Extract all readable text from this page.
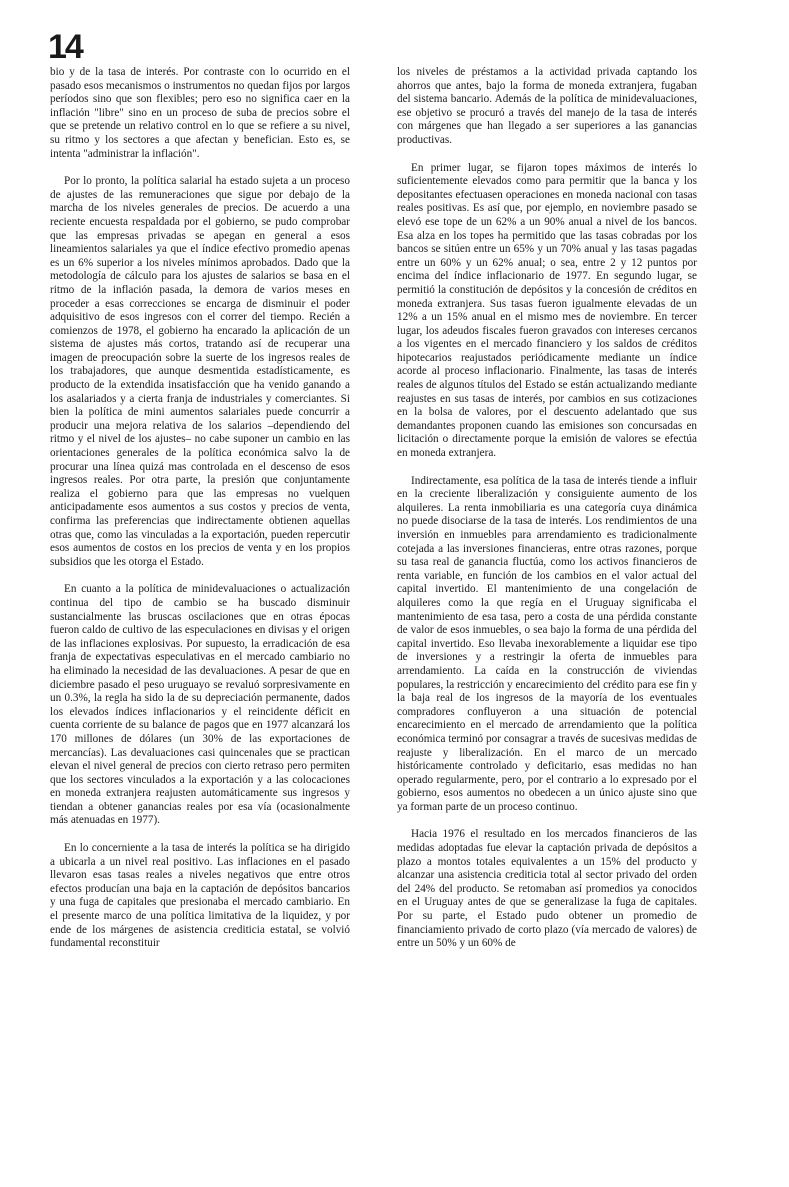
14

bio y de la tasa de interés. Por contraste con lo ocurrido en el pasado esos mecanismos o instrumentos no quedan fijos por largos períodos sino que son flexibles; pero eso no significa caer en la inflación "libre" sino en un proceso de suba de precios sobre el que se pretende un relativo control en lo que se refiere a su nivel, su ritmo y los sectores a que afectan y benefician. Esto es, se intenta "administrar la inflación".

Por lo pronto, la política salarial ha estado sujeta a un proceso de ajustes de las remuneraciones que sigue por debajo de la marcha de los niveles generales de precios. De acuerdo a una reciente encuesta respaldada por el gobierno, se pudo comprobar que las empresas privadas se apegan en general a esos lineamientos salariales ya que el índice efectivo promedio apenas es un 6% superior a los niveles mínimos aprobados. Dado que la metodología de cálculo para los ajustes de salarios se basa en el ritmo de la inflación pasada, la demora de varios meses en proceder a esas correcciones se encarga de disminuir el poder adquisitivo de esos ingresos con el correr del tiempo. Recién a comienzos de 1978, el gobierno ha encarado la aplicación de un sistema de ajustes más cortos, tratando así de recuperar una imagen de preocupación sobre la suerte de los ingresos reales de los trabajadores, que aunque desmentida estadísticamente, es producto de la extendida insatisfacción que ha venido ganando a los asalariados y a cierta franja de industriales y comerciantes. Si bien la política de mini aumentos salariales puede concurrir a producir una mejora relativa de los salarios –dependiendo del ritmo y el nivel de los ajustes– no cabe suponer un cambio en las orientaciones generales de la política económica salvo la de procurar una línea quizá mas controlada en el descenso de esos ingresos reales. Por otra parte, la presión que conjuntamente realiza el gobierno para que las empresas no vuelquen anticipadamente esos aumentos a sus costos y precios de venta, confirma las preferencias que indirectamente obtienen aquellas otras que, como las vinculadas a la exportación, pueden repercutir esos aumentos de costos en los precios de venta y en los propios subsidios que les otorga el Estado.

En cuanto a la política de minidevaluaciones o actualización continua del tipo de cambio se ha buscado disminuir sustancialmente las bruscas oscilaciones que en otras épocas fueron caldo de cultivo de las especulaciones en divisas y el origen de las inflaciones explosivas. Por supuesto, la erradicación de esa franja de expectativas especulativas en el mercado cambiario no ha eliminado la necesidad de las devaluaciones. A pesar de que en diciembre pasado el peso uruguayo se revaluó sorpresivamente en un 0.3%, la regla ha sido la de su depreciación permanente, dados los elevados índices inflacionarios y el reincidente déficit en cuenta corriente de su balance de pagos que en 1977 alcanzará los 170 millones de dólares (un 30% de las exportaciones de mercancías). Las devaluaciones casi quincenales que se practican elevan el nivel general de precios con cierto retraso pero permiten que los sectores vinculados a la exportación y a las colocaciones en moneda extranjera reajusten automáticamente sus ingresos y tiendan a obtener ganancias reales por esa vía (ocasionalmente más atenuadas en 1977).

En lo concerniente a la tasa de interés la política se ha dirigido a ubicarla a un nivel real positivo. Las inflaciones en el pasado llevaron esas tasas reales a niveles negativos que entre otros efectos producían una baja en la captación de depósitos bancarios y una fuga de capitales que presionaba el mercado cambiario. En el presente marco de una política limitativa de la liquidez, y por ende de los márgenes de asistencia crediticia estatal, se volvió fundamental reconstituir

los niveles de préstamos a la actividad privada captando los ahorros que antes, bajo la forma de moneda extranjera, fugaban del sistema bancario. Además de la política de minidevaluaciones, ese objetivo se procuró a través del manejo de la tasa de interés con márgenes que han llegado a ser superiores a las ganancias productivas.

En primer lugar, se fijaron topes máximos de interés lo suficientemente elevados como para permitir que la banca y los depositantes efectuasen operaciones en moneda nacional con tasas reales positivas. Es así que, por ejemplo, en noviembre pasado se elevó ese tope de un 62% a un 90% anual a nivel de los bancos. Esa alza en los topes ha permitido que las tasas cobradas por los bancos se sitúen entre un 65% y un 70% anual y las tasas pagadas entre un 60% y un 62% anual; o sea, entre 2 y 12 puntos por encima del índice inflacionario de 1977. En segundo lugar, se permitió la constitución de depósitos y la concesión de créditos en moneda extranjera. Sus tasas fueron igualmente elevadas de un 12% a un 15% anual en el mismo mes de noviembre. En tercer lugar, los adeudos fiscales fueron gravados con intereses cercanos a los vigentes en el mercado financiero y los saldos de créditos hipotecarios reajustados periódicamente mediante un índice acorde al proceso inflacionario. Finalmente, las tasas de interés reales de algunos títulos del Estado se están actualizando mediante reajustes en sus tasas de interés, por cambios en sus cotizaciones en la bolsa de valores, por el descuento adelantado que sus demandantes proponen cuando las emisiones son concursadas en licitación o directamente porque la emisión de valores se efectúa en moneda extranjera.

Indirectamente, esa política de la tasa de interés tiende a influir en la creciente liberalización y consiguiente aumento de los alquileres. La renta inmobiliaria es una categoría cuya dinámica no puede disociarse de la tasa de interés. Los rendimientos de una inversión en inmuebles para arrendamiento es tradicionalmente cotejada a las inversiones financieras, entre otras razones, porque su tasa real de ganancia fluctúa, como los activos financieros de renta variable, en función de los cambios en el valor actual del capital invertido. El mantenimiento de una congelación de alquileres como la que regía en el Uruguay significaba el mantenimiento de esa tasa, pero a costa de una pérdida constante de valor de esos inmuebles, o sea bajo la forma de una pérdida del capital invertido. Eso llevaba inexorablemente a liquidar ese tipo de inversiones y a restringir la oferta de inmuebles para arrendamiento. La caída en la construcción de viviendas populares, la restricción y encarecimiento del crédito para ese fin y la baja real de los ingresos de la mayoría de los eventuales compradores confluyeron a una situación de potencial encarecimiento en el mercado de arrendamiento que la política económica terminó por consagrar a través de sucesivas medidas de reajuste y liberalización. En el marco de un mercado históricamente controlado y deficitario, esas medidas no han operado regularmente, pero, por el contrario a lo expresado por el gobierno, esos aumentos no obedecen a un único ajuste sino que ya forman parte de un proceso continuo.

Hacia 1976 el resultado en los mercados financieros de las medidas adoptadas fue elevar la captación privada de depósitos a plazo a montos totales equivalentes a un 15% del producto y alcanzar una asistencia crediticia total al sector privado del orden del 24% del producto. Se retomaban así promedios ya conocidos en el Uruguay antes de que se generalizase la fuga de capitales. Por su parte, el Estado pudo obtener un promedio de financiamiento privado de corto plazo (vía mercado de valores) de entre un 50% y un 60% de
